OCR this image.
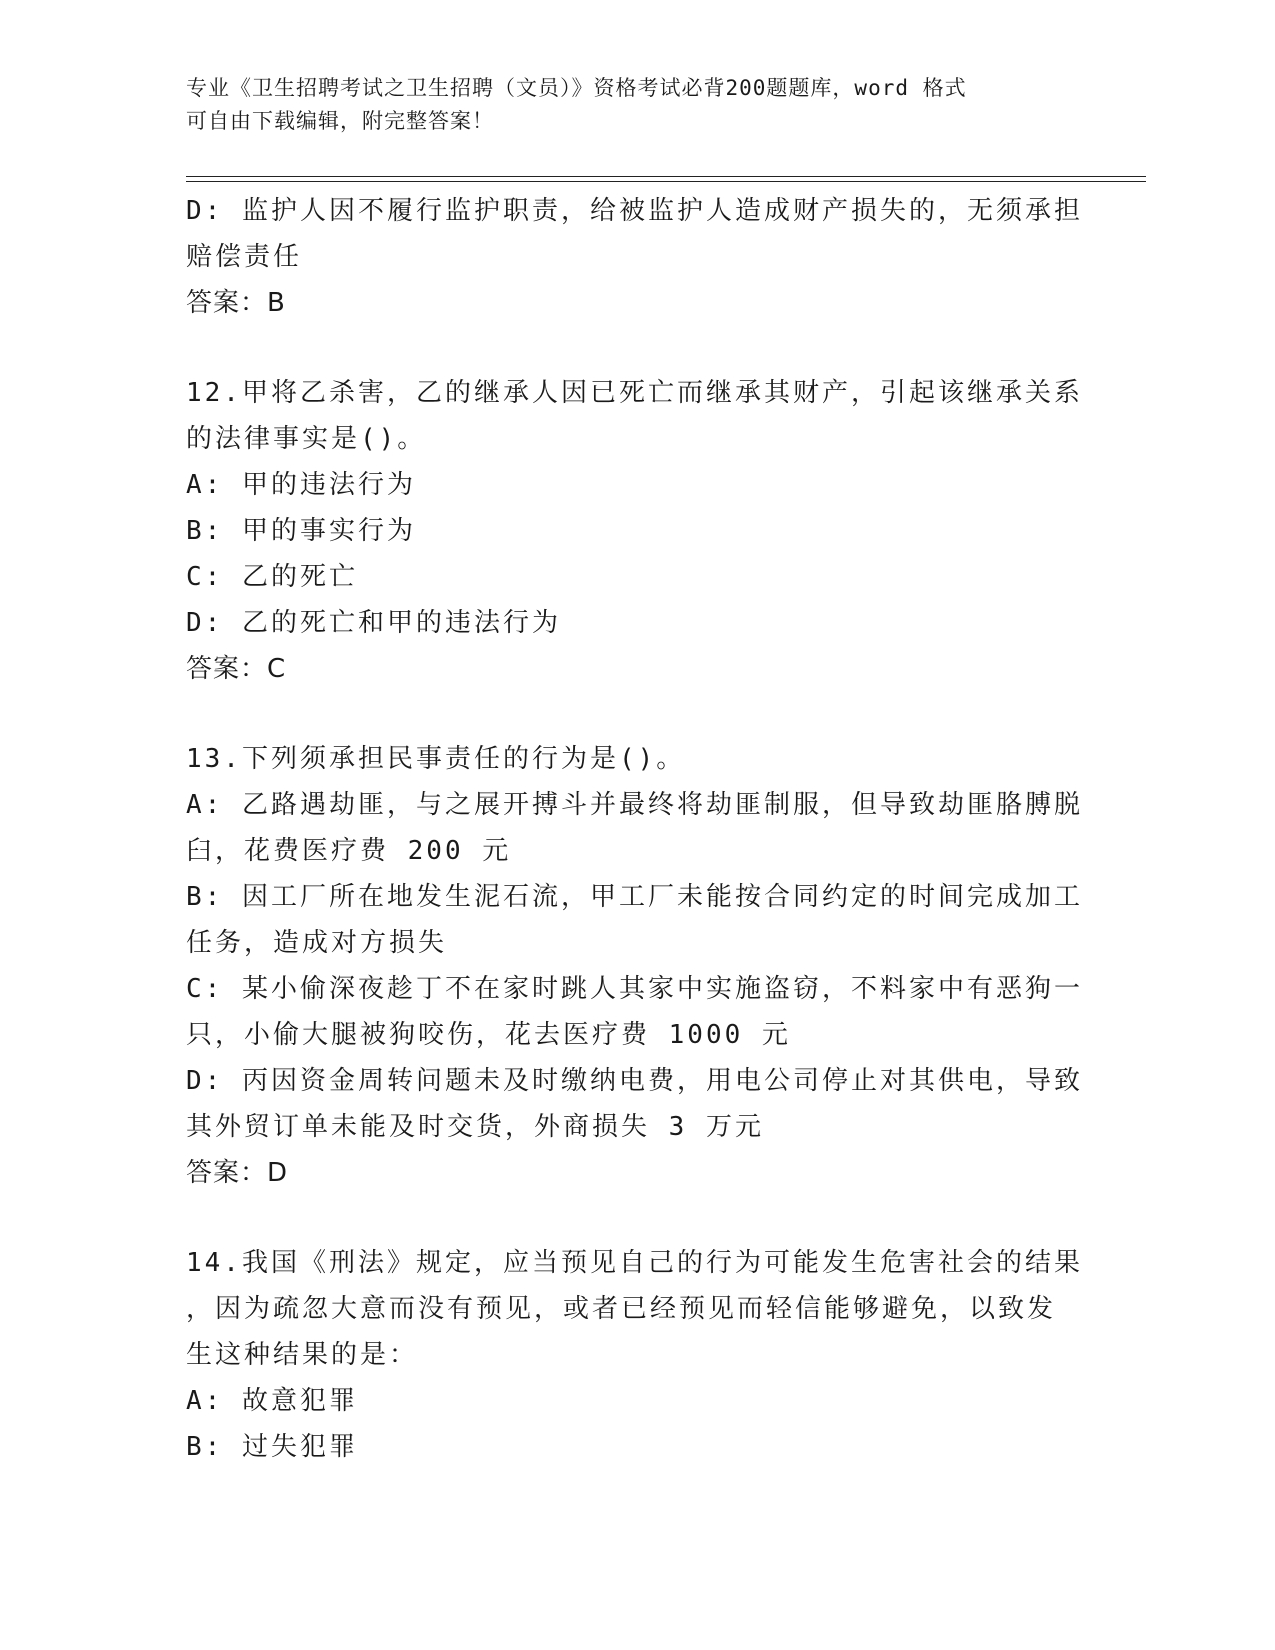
专业《卫生招聘考试之卫生招聘（文员）》资格考试必背200题题库，word 格式
可自由下载编辑，附完整答案！
D: 监护人因不履行监护职责，给被监护人造成财产损失的，无须承担
赔偿责任
答案：B
12.甲将乙杀害，乙的继承人因已死亡而继承其财产，引起该继承关系
的法律事实是()。
A: 甲的违法行为
B: 甲的事实行为
C: 乙的死亡
D: 乙的死亡和甲的违法行为
答案：C
13.下列须承担民事责任的行为是()。
A: 乙路遇劫匪，与之展开搏斗并最终将劫匪制服，但导致劫匪胳膊脱
臼，花费医疗费 200 元
B: 因工厂所在地发生泥石流，甲工厂未能按合同约定的时间完成加工
任务，造成对方损失
C: 某小偷深夜趁丁不在家时跳人其家中实施盗窃，不料家中有恶狗一
只，小偷大腿被狗咬伤，花去医疗费 1000 元
D: 丙因资金周转问题未及时缴纳电费，用电公司停止对其供电，导致
其外贸订单未能及时交货，外商损失 3 万元
答案：D
14.我国《刑法》规定，应当预见自己的行为可能发生危害社会的结果
，因为疏忽大意而没有预见，或者已经预见而轻信能够避免，以致发
生这种结果的是：
A: 故意犯罪
B: 过失犯罪
